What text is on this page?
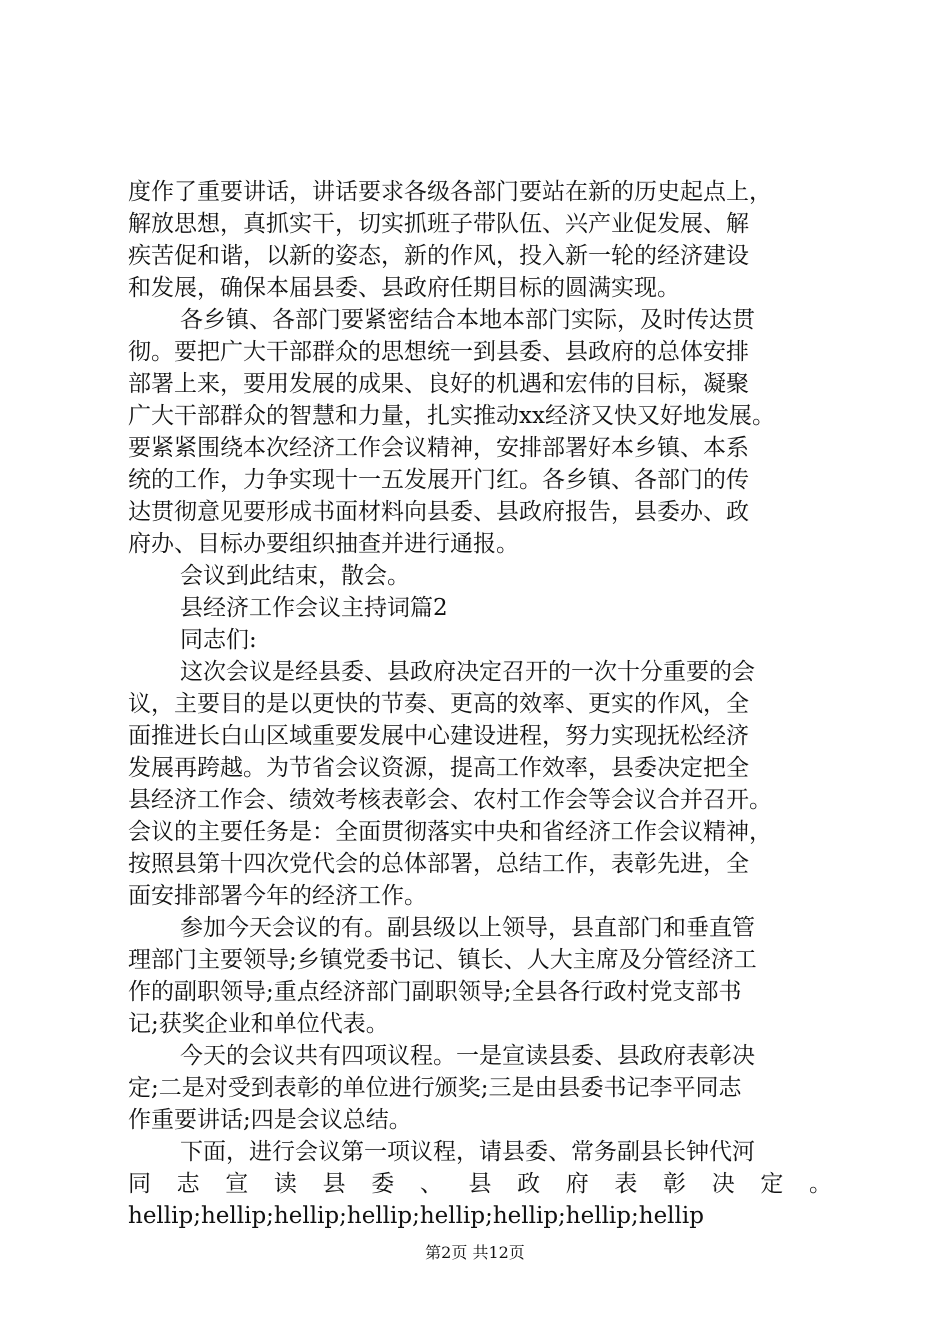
度作了重要讲话，讲话要求各级各部门要站在新的历史起点上，
解放思想，真抓实干，切实抓班子带队伍、兴产业促发展、解
疾苦促和谐，以新的姿态，新的作风，投入新一轮的经济建设
和发展，确保本届县委、县政府任期目标的圆满实现。
各乡镇、各部门要紧密结合本地本部门实际，及时传达贯
彻。要把广大干部群众的思想统一到县委、县政府的总体安排
部署上来，要用发展的成果、良好的机遇和宏伟的目标，凝聚
广大干部群众的智慧和力量，扎实推动xx经济又快又好地发展。
要紧紧围绕本次经济工作会议精神，安排部署好本乡镇、本系
统的工作，力争实现十一五发展开门红。各乡镇、各部门的传
达贯彻意见要形成书面材料向县委、县政府报告，县委办、政
府办、目标办要组织抽查并进行通报。
会议到此结束，散会。
县经济工作会议主持词篇2
同志们:
这次会议是经县委、县政府决定召开的一次十分重要的会
议，主要目的是以更快的节奏、更高的效率、更实的作风，全
面推进长白山区域重要发展中心建设进程，努力实现抚松经济
发展再跨越。为节省会议资源，提高工作效率，县委决定把全
县经济工作会、绩效考核表彰会、农村工作会等会议合并召开。
会议的主要任务是：全面贯彻落实中央和省经济工作会议精神，
按照县第十四次党代会的总体部署，总结工作，表彰先进，全
面安排部署今年的经济工作。
参加今天会议的有。副县级以上领导，县直部门和垂直管
理部门主要领导;乡镇党委书记、镇长、人大主席及分管经济工
作的副职领导;重点经济部门副职领导;全县各行政村党支部书
记;获奖企业和单位代表。
今天的会议共有四项议程。一是宣读县委、县政府表彰决
定;二是对受到表彰的单位进行颁奖;三是由县委书记李平同志
作重要讲话;四是会议总结。
下面，进行会议第一项议程，请县委、常务副县长钟代河
同 志 宣 读 县 委 、 县 政 府 表 彰 决 定 。
hellip;hellip;hellip;hellip;hellip;hellip;hellip;hellip
第2页 共12页
